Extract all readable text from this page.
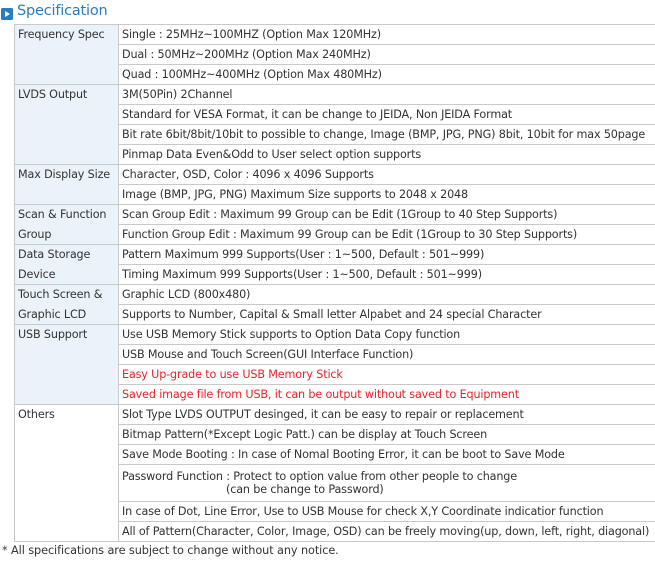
Specification
Frequency Spec	Single : 25MHz~100MHZ (Option Max 120MHz)
	Dual : 50MHz~200MHz (Option Max 240MHz)
	Quad : 100MHz~400MHz (Option Max 480MHz)
LVDS Output	3M(50Pin) 2Channel
	Standard for VESA Format, it can be change to JEIDA, Non JEIDA Format
	Bit rate 6bit/8bit/10bit to possible to change, Image (BMP, JPG, PNG) 8bit, 10bit for max 50page
	Pinmap Data Even&Odd to User select option supports
Max Display Size	Character, OSD, Color : 4096 x 4096 Supports
	Image (BMP, JPG, PNG) Maximum Size supports to 2048 x 2048
Scan & Function	Scan Group Edit : Maximum 99 Group can be Edit (1Group to 40 Step Supports)
Group	Function Group Edit : Maximum 99 Group can be Edit (1Group to 30 Step Supports)
Data Storage	Pattern Maximum 999 Supports(User : 1~500, Default : 501~999)
Device	Timing Maximum 999 Supports(User : 1~500, Default : 501~999)
Touch Screen &	Graphic LCD (800x480)
Graphic LCD	Supports to Number, Capital & Small letter Alpabet and 24 special Character
USB Support	Use USB Memory Stick supports to Option Data Copy function
	USB Mouse and Touch Screen(GUI Interface Function)
	Easy Up-grade to use USB Memory Stick
	Saved image file from USB, it can be output without saved to Equipment
Others	Slot Type LVDS OUTPUT desinged, it can be easy to repair or replacement
	Bitmap Pattern(*Except Logic Patt.) can be display at Touch Screen
	Save Mode Booting : In case of Nomal Booting Error, it can be boot to Save Mode
	Password Function : Protect to option value from other people to change
(can be change to Password)

	In case of Dot, Line Error, Use to USB Mouse for check X,Y Coordinate indicatior function
	All of Pattern(Character, Color, Image, OSD) can be freely moving(up, down, left, right, diagonal)
* All specifications are subject to change without any notice.
